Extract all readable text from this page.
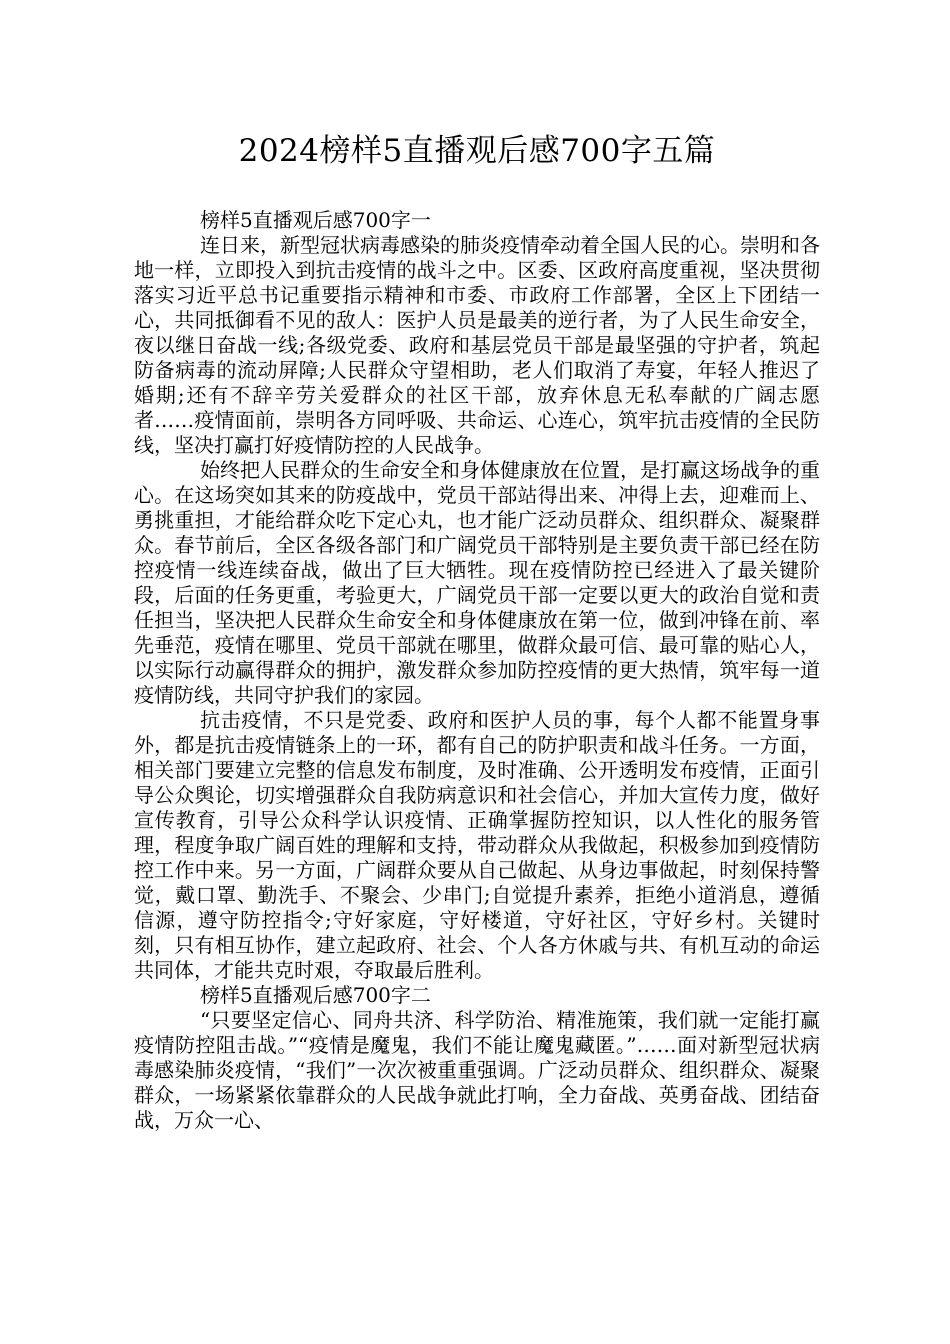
2024榜样5直播观后感700字五篇

榜样5直播观后感700字一

连日来，新型冠状病毒感染的肺炎疫情牵动着全国人民的心。崇明和各地一样，立即投入到抗击疫情的战斗之中。区委、区政府高度重视，坚决贯彻落实习近平总书记重要指示精神和市委、市政府工作部署，全区上下团结一心，共同抵御看不见的敌人：医护人员是最美的逆行者，为了人民生命安全，夜以继日奋战一线;各级党委、政府和基层党员干部是最坚强的守护者，筑起防备病毒的流动屏障;人民群众守望相助，老人们取消了寿宴，年轻人推迟了婚期;还有不辞辛劳关爱群众的社区干部，放弃休息无私奉献的广阔志愿者……疫情面前，崇明各方同呼吸、共命运、心连心，筑牢抗击疫情的全民防线，坚决打赢打好疫情防控的人民战争。

始终把人民群众的生命安全和身体健康放在位置，是打赢这场战争的重心。在这场突如其来的防疫战中，党员干部站得出来、冲得上去，迎难而上、勇挑重担，才能给群众吃下定心丸，也才能广泛动员群众、组织群众、凝聚群众。春节前后，全区各级各部门和广阔党员干部特别是主要负责干部已经在防控疫情一线连续奋战，做出了巨大牺牲。现在疫情防控已经进入了最关键阶段，后面的任务更重，考验更大，广阔党员干部一定要以更大的政治自觉和责任担当，坚决把人民群众生命安全和身体健康放在第一位，做到冲锋在前、率先垂范，疫情在哪里、党员干部就在哪里，做群众最可信、最可靠的贴心人，以实际行动赢得群众的拥护，激发群众参加防控疫情的更大热情，筑牢每一道疫情防线，共同守护我们的家园。

抗击疫情，不只是党委、政府和医护人员的事，每个人都不能置身事外，都是抗击疫情链条上的一环，都有自己的防护职责和战斗任务。一方面，相关部门要建立完整的信息发布制度，及时准确、公开透明发布疫情，正面引导公众舆论，切实增强群众自我防病意识和社会信心，并加大宣传力度，做好宣传教育，引导公众科学认识疫情、正确掌握防控知识，以人性化的服务管理，程度争取广阔百姓的理解和支持，带动群众从我做起，积极参加到疫情防控工作中来。另一方面，广阔群众要从自己做起、从身边事做起，时刻保持警觉，戴口罩、勤洗手、不聚会、少串门;自觉提升素养，拒绝小道消息，遵循信源，遵守防控指令;守好家庭，守好楼道，守好社区，守好乡村。关键时刻，只有相互协作，建立起政府、社会、个人各方休戚与共、有机互动的命运共同体，才能共克时艰，夺取最后胜利。

榜样5直播观后感700字二

“只要坚定信心、同舟共济、科学防治、精准施策，我们就一定能打赢疫情防控阻击战。”“疫情是魔鬼，我们不能让魔鬼藏匿。”……面对新型冠状病毒感染肺炎疫情，“我们”一次次被重重强调。广泛动员群众、组织群众、凝聚群众，一场紧紧依靠群众的人民战争就此打响，全力奋战、英勇奋战、团结奋战，万众一心、
